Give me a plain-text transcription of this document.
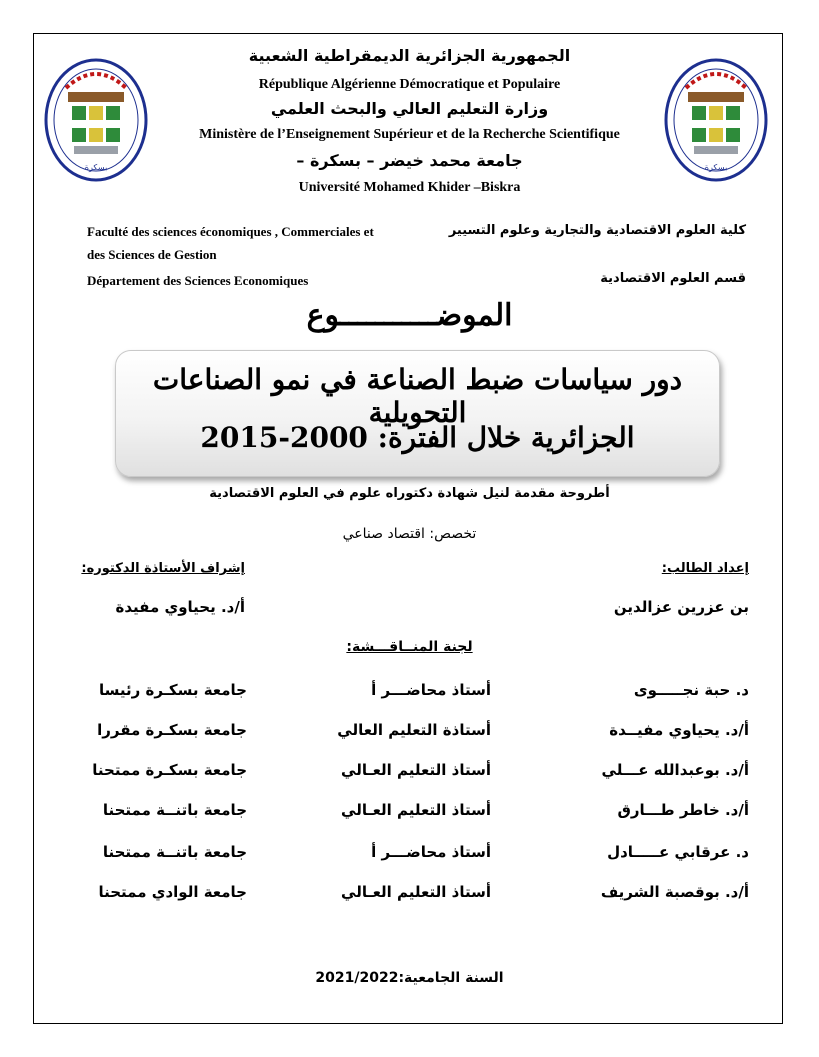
بسكرة	بسكرة
الجمهورية الجزائرية الديمقراطية الشعبية
République Algérienne Démocratique et Populaire
وزارة التعليم العالي والبحث العلمي
Ministère de l’Enseignement Supérieur et de la Recherche Scientifique
جامعة محمد خيضر – بسكرة –
Université Mohamed Khider –Biskra
Faculté des sciences économiques , Commerciales et
des Sciences de Gestion
كلية العلوم الاقتصادية والتجارية وعلوم التسيير
Département des Sciences Economiques	قسم العلوم الاقتصادية
الموضـــــــــــوع
دور سياسات ضبط الصناعة في نمو الصناعات التحويلية
الجزائرية خلال الفترة: 2000-2015
أطروحة مقدمة لنيل شهادة دكتوراه علوم في العلوم الاقتصادية
تخصص: اقتصاد صناعي
إعداد الطالب:
إشراف الأستاذة الدكتوره:
بن عزرين عزالدين
أ/د. يحياوي مفيدة
لجنة المنــاقـــشة:
د. حبة نجـــــوى
أستاذ محاضـــر أ
جامعة بسكـرة رئيسا
أ/د. يحياوي مفيــدة
أستاذة التعليم العالي
جامعة بسكـرة مقررا
أ/د. بوعبدالله عـــلي
أستاذ التعليم العـالي
جامعة بسكـرة ممتحنا
أ/د. خاطر طـــارق
أستاذ التعليم العـالي
جامعة باتنــة ممتحنا
د. عرقابي عـــــادل
أستاذ محاضـــر أ
جامعة باتنــة ممتحنا
أ/د. بوقصبة الشريف
أستاذ التعليم العـالي
جامعة الوادي ممتحنا
السنة الجامعية:2021/2022
